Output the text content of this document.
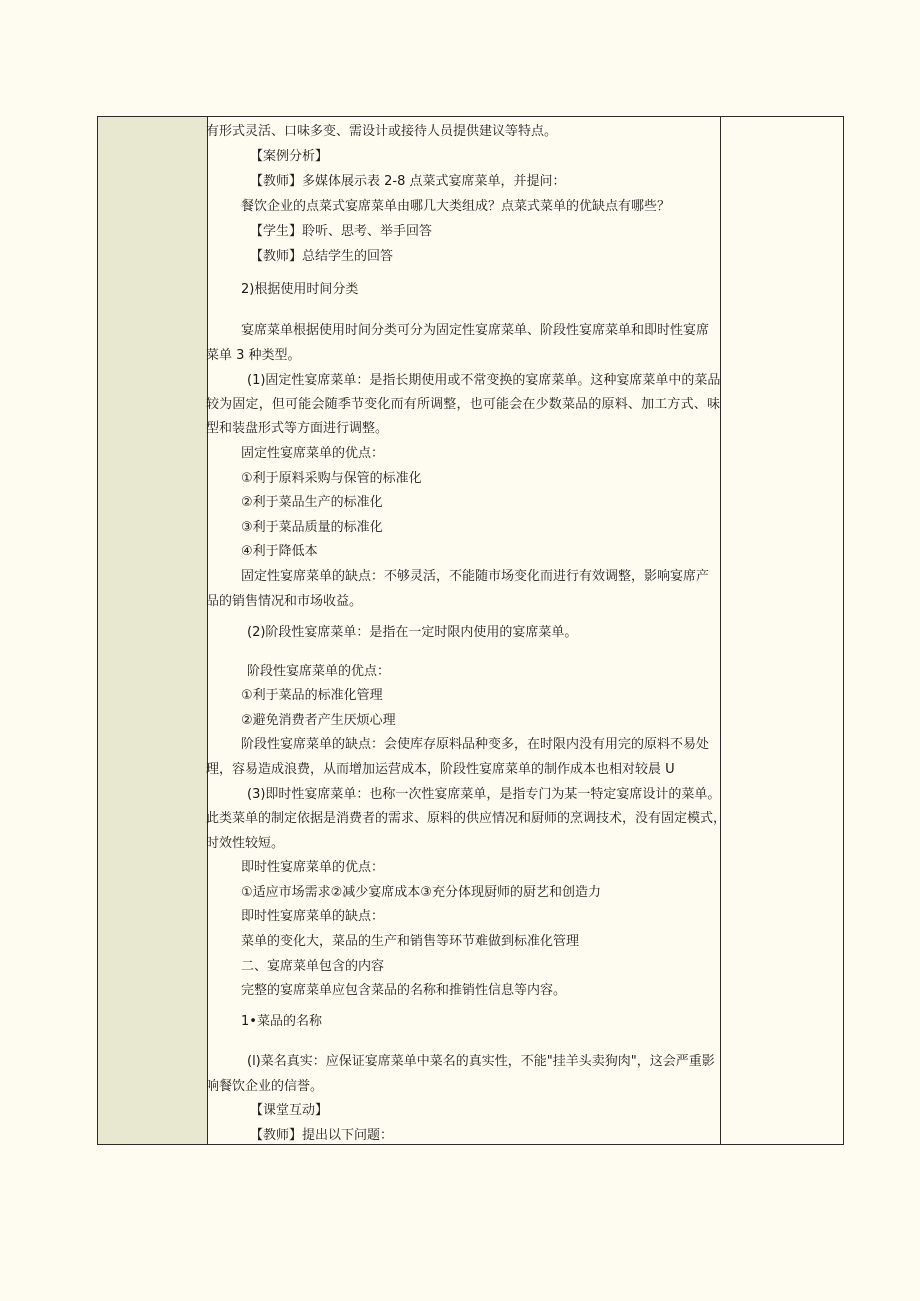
有形式灵活、口味多变、需设计或接待人员提供建议等特点。
【案例分析】
【教师】多媒体展示表 2-8 点菜式宴席菜单，并提问：
餐饮企业的点菜式宴席菜单由哪几大类组成？点菜式菜单的优缺点有哪些？
【学生】聆听、思考、举手回答
【教师】总结学生的回答
2)根据使用时间分类
宴席菜单根据使用时间分类可分为固定性宴席菜单、阶段性宴席菜单和即时性宴席
菜单 3 种类型。
(1)固定性宴席菜单：是指长期使用或不常变换的宴席菜单。这种宴席菜单中的菜品
较为固定，但可能会随季节变化而有所调整，也可能会在少数菜品的原料、加工方式、味
型和装盘形式等方面进行调整。
固定性宴席菜单的优点：
①利于原料采购与保管的标准化
②利于菜品生产的标准化
③利于菜品质量的标准化
④利于降低本
固定性宴席菜单的缺点：不够灵活，不能随市场变化而进行有效调整，影响宴席产
品的销售情况和市场收益。
(2)阶段性宴席菜单：是指在一定时限内使用的宴席菜单。
阶段性宴席菜单的优点：
①利于菜品的标准化管理
②避免消费者产生厌烦心理
阶段性宴席菜单的缺点：会使库存原料品种变多，在时限内没有用完的原料不易处
理，容易造成浪费，从而增加运营成本，阶段性宴席菜单的制作成本也相对较晨 U
(3)即时性宴席菜单：也称一次性宴席菜单，是指专门为某一特定宴席设计的菜单。
此类菜单的制定依据是消费者的需求、原料的供应情况和厨师的烹调技术，没有固定模式，
时效性较短。
即时性宴席菜单的优点：
①适应市场需求②减少宴席成本③充分体现厨师的厨艺和创造力
即时性宴席菜单的缺点：
菜单的变化大，菜品的生产和销售等环节难做到标准化管理
二、宴席菜单包含的内容
完整的宴席菜单应包含菜品的名称和推销性信息等内容。
1•菜品的名称
(l)菜名真实：应保证宴席菜单中菜名的真实性，不能"挂羊头卖狗肉"，这会严重影
响餐饮企业的信誉。
【课堂互动】
【教师】提出以下问题：
